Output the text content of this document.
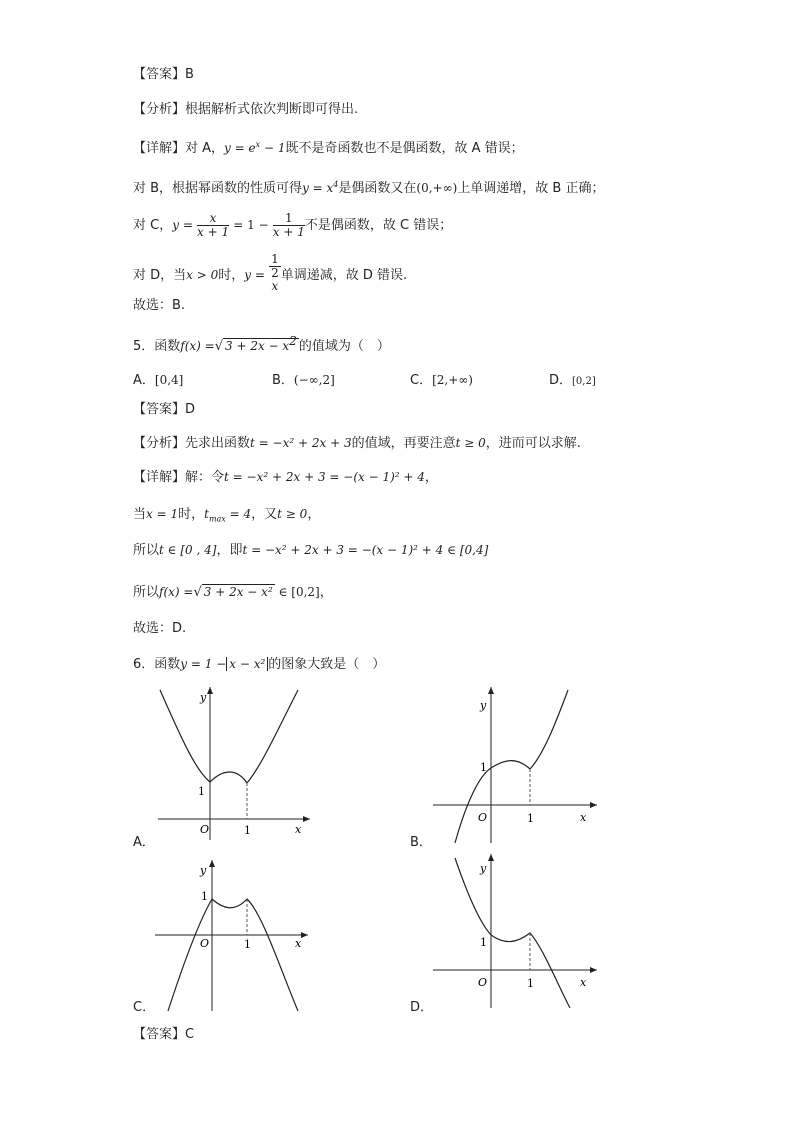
【答案】B
【分析】根据解析式依次判断即可得出.
【详解】对 A，$y = e^x - 1$既不是奇函数也不是偶函数，故 A 错误；
对 B，根据幂函数的性质可得$y = x^4$是偶函数又在(0,+∞)上单调递增，故 B 正确；
对 C，$y = \frac{x}{x + 1} = 1 - \frac{1}{x + 1}$ 不是偶函数，故 C 错误；
对 D，当x > 0时，y = 1
2
$^x$ 单调递减，故 D 错误.
故选：B.
5．函数f(x) =√ $3 + 2x - x^2$ 的值域为（　）
A．[0,4]	B．(−∞,2]	C．[2,+∞)	D．[0,2]
【答案】D
【分析】先求出函数t = −x² + 2x + 3的值域，再要注意t ≥ 0，进而可以求解.
【详解】解：令t = −x² + 2x + 3 = −(x − 1)² + 4，
当x = 1时，$t_{max} = 4$，又t ≥ 0，
所以t ∈ [0 , 4]，即t = −x² + 2x + 3 = −(x − 1)² + 4 ∈ [0,4]
所以f(x) =√ 3 + 2x − x² ∈ [0,2]，
故选：D.
6．函数y = 1 − x − x² 的图象大致是（　）
1
O	1	x
y
A．
1
O	1	x
y
B．
1
O	1	x
y
C．
1
O	1	x
y
D．
【答案】C
